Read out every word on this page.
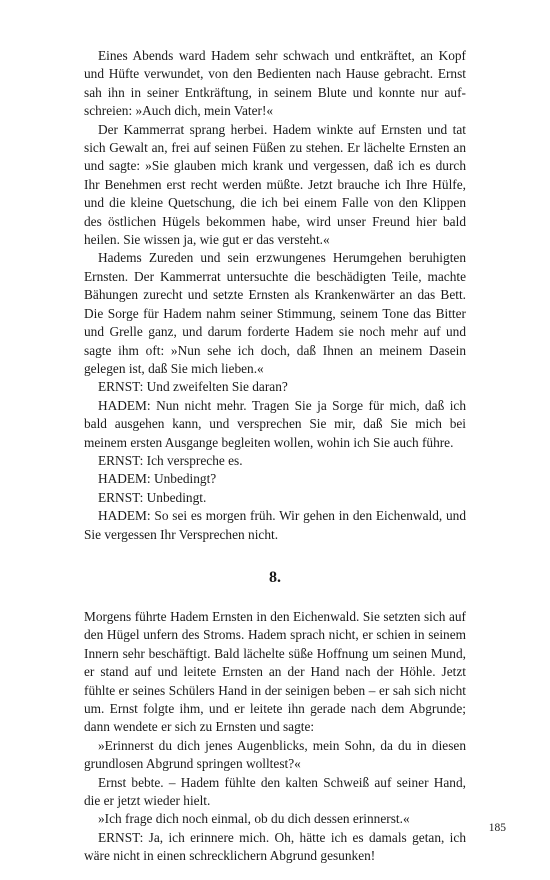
Eines Abends ward Hadem sehr schwach und entkräftet, an Kopf und Hüfte verwundet, von den Bedienten nach Hause gebracht. Ernst sah ihn in seiner Entkräftung, in seinem Blute und konnte nur aufschreien: »Auch dich, mein Vater!«

Der Kammerrat sprang herbei. Hadem winkte auf Ernsten und tat sich Gewalt an, frei auf seinen Füßen zu stehen. Er lächelte Ernsten an und sagte: »Sie glauben mich krank und vergessen, daß ich es durch Ihr Benehmen erst recht werden müßte. Jetzt brauche ich Ihre Hülfe, und die kleine Quetschung, die ich bei einem Falle von den Klippen des östlichen Hügels bekommen habe, wird unser Freund hier bald heilen. Sie wissen ja, wie gut er das versteht.«

Hadems Zureden und sein erzwungenes Herumgehen beruhigten Ernsten. Der Kammerrat untersuchte die beschädigten Teile, machte Bähungen zurecht und setzte Ernsten als Krankenwärter an das Bett. Die Sorge für Hadem nahm seiner Stimmung, seinem Tone das Bitter und Grelle ganz, und darum forderte Hadem sie noch mehr auf und sagte ihm oft: »Nun sehe ich doch, daß Ihnen an meinem Dasein gelegen ist, daß Sie mich lieben.«

ERNST: Und zweifelten Sie daran?

HADEM: Nun nicht mehr. Tragen Sie ja Sorge für mich, daß ich bald ausgehen kann, und versprechen Sie mir, daß Sie mich bei meinem ersten Ausgange begleiten wollen, wohin ich Sie auch führe.

ERNST: Ich verspreche es.

HADEM: Unbedingt?

ERNST: Unbedingt.

HADEM: So sei es morgen früh. Wir gehen in den Eichenwald, und Sie vergessen Ihr Versprechen nicht.

8.

Morgens führte Hadem Ernsten in den Eichenwald. Sie setzten sich auf den Hügel unfern des Stroms. Hadem sprach nicht, er schien in seinem Innern sehr beschäftigt. Bald lächelte süße Hoffnung um seinen Mund, er stand auf und leitete Ernsten an der Hand nach der Höhle. Jetzt fühlte er seines Schülers Hand in der seinigen beben – er sah sich nicht um. Ernst folgte ihm, und er leitete ihn gerade nach dem Abgrunde; dann wendete er sich zu Ernsten und sagte:

»Erinnerst du dich jenes Augenblicks, mein Sohn, da du in diesen grundlosen Abgrund springen wolltest?«

Ernst bebte. – Hadem fühlte den kalten Schweiß auf seiner Hand, die er jetzt wieder hielt.

»Ich frage dich noch einmal, ob du dich dessen erinnerst.«

ERNST: Ja, ich erinnere mich. Oh, hätte ich es damals getan, ich wäre nicht in einen schrecklichern Abgrund gesunken!

185
